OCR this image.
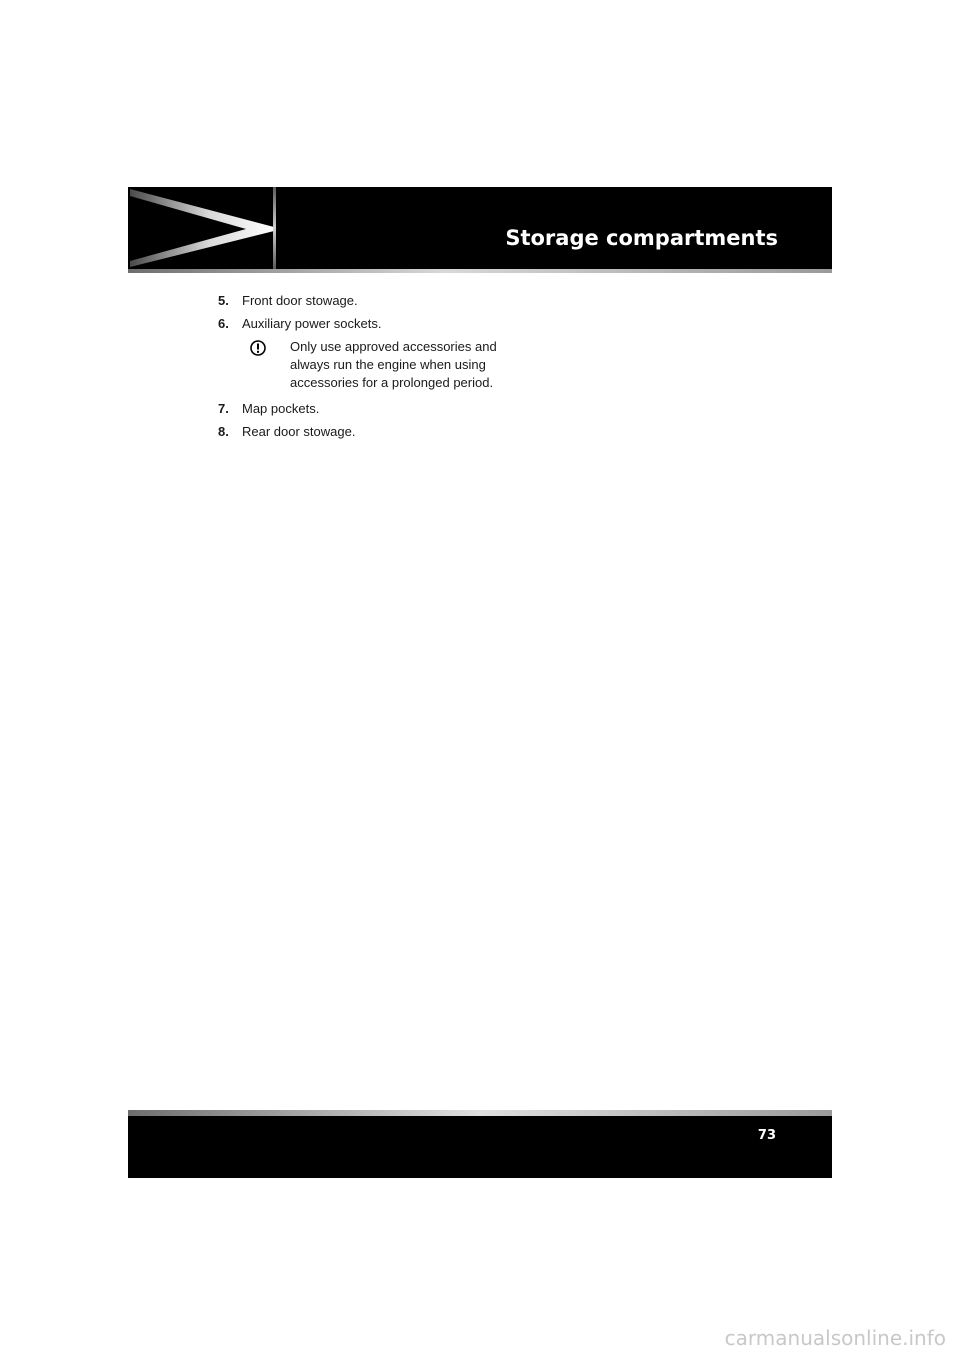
Storage compartments
5.	Front door stowage.
6.	Auxiliary power sockets.
Only use approved accessories and always run the engine when using accessories for a prolonged period.
7.	Map pockets.
8.	Rear door stowage.
73
carmanualsonline.info
